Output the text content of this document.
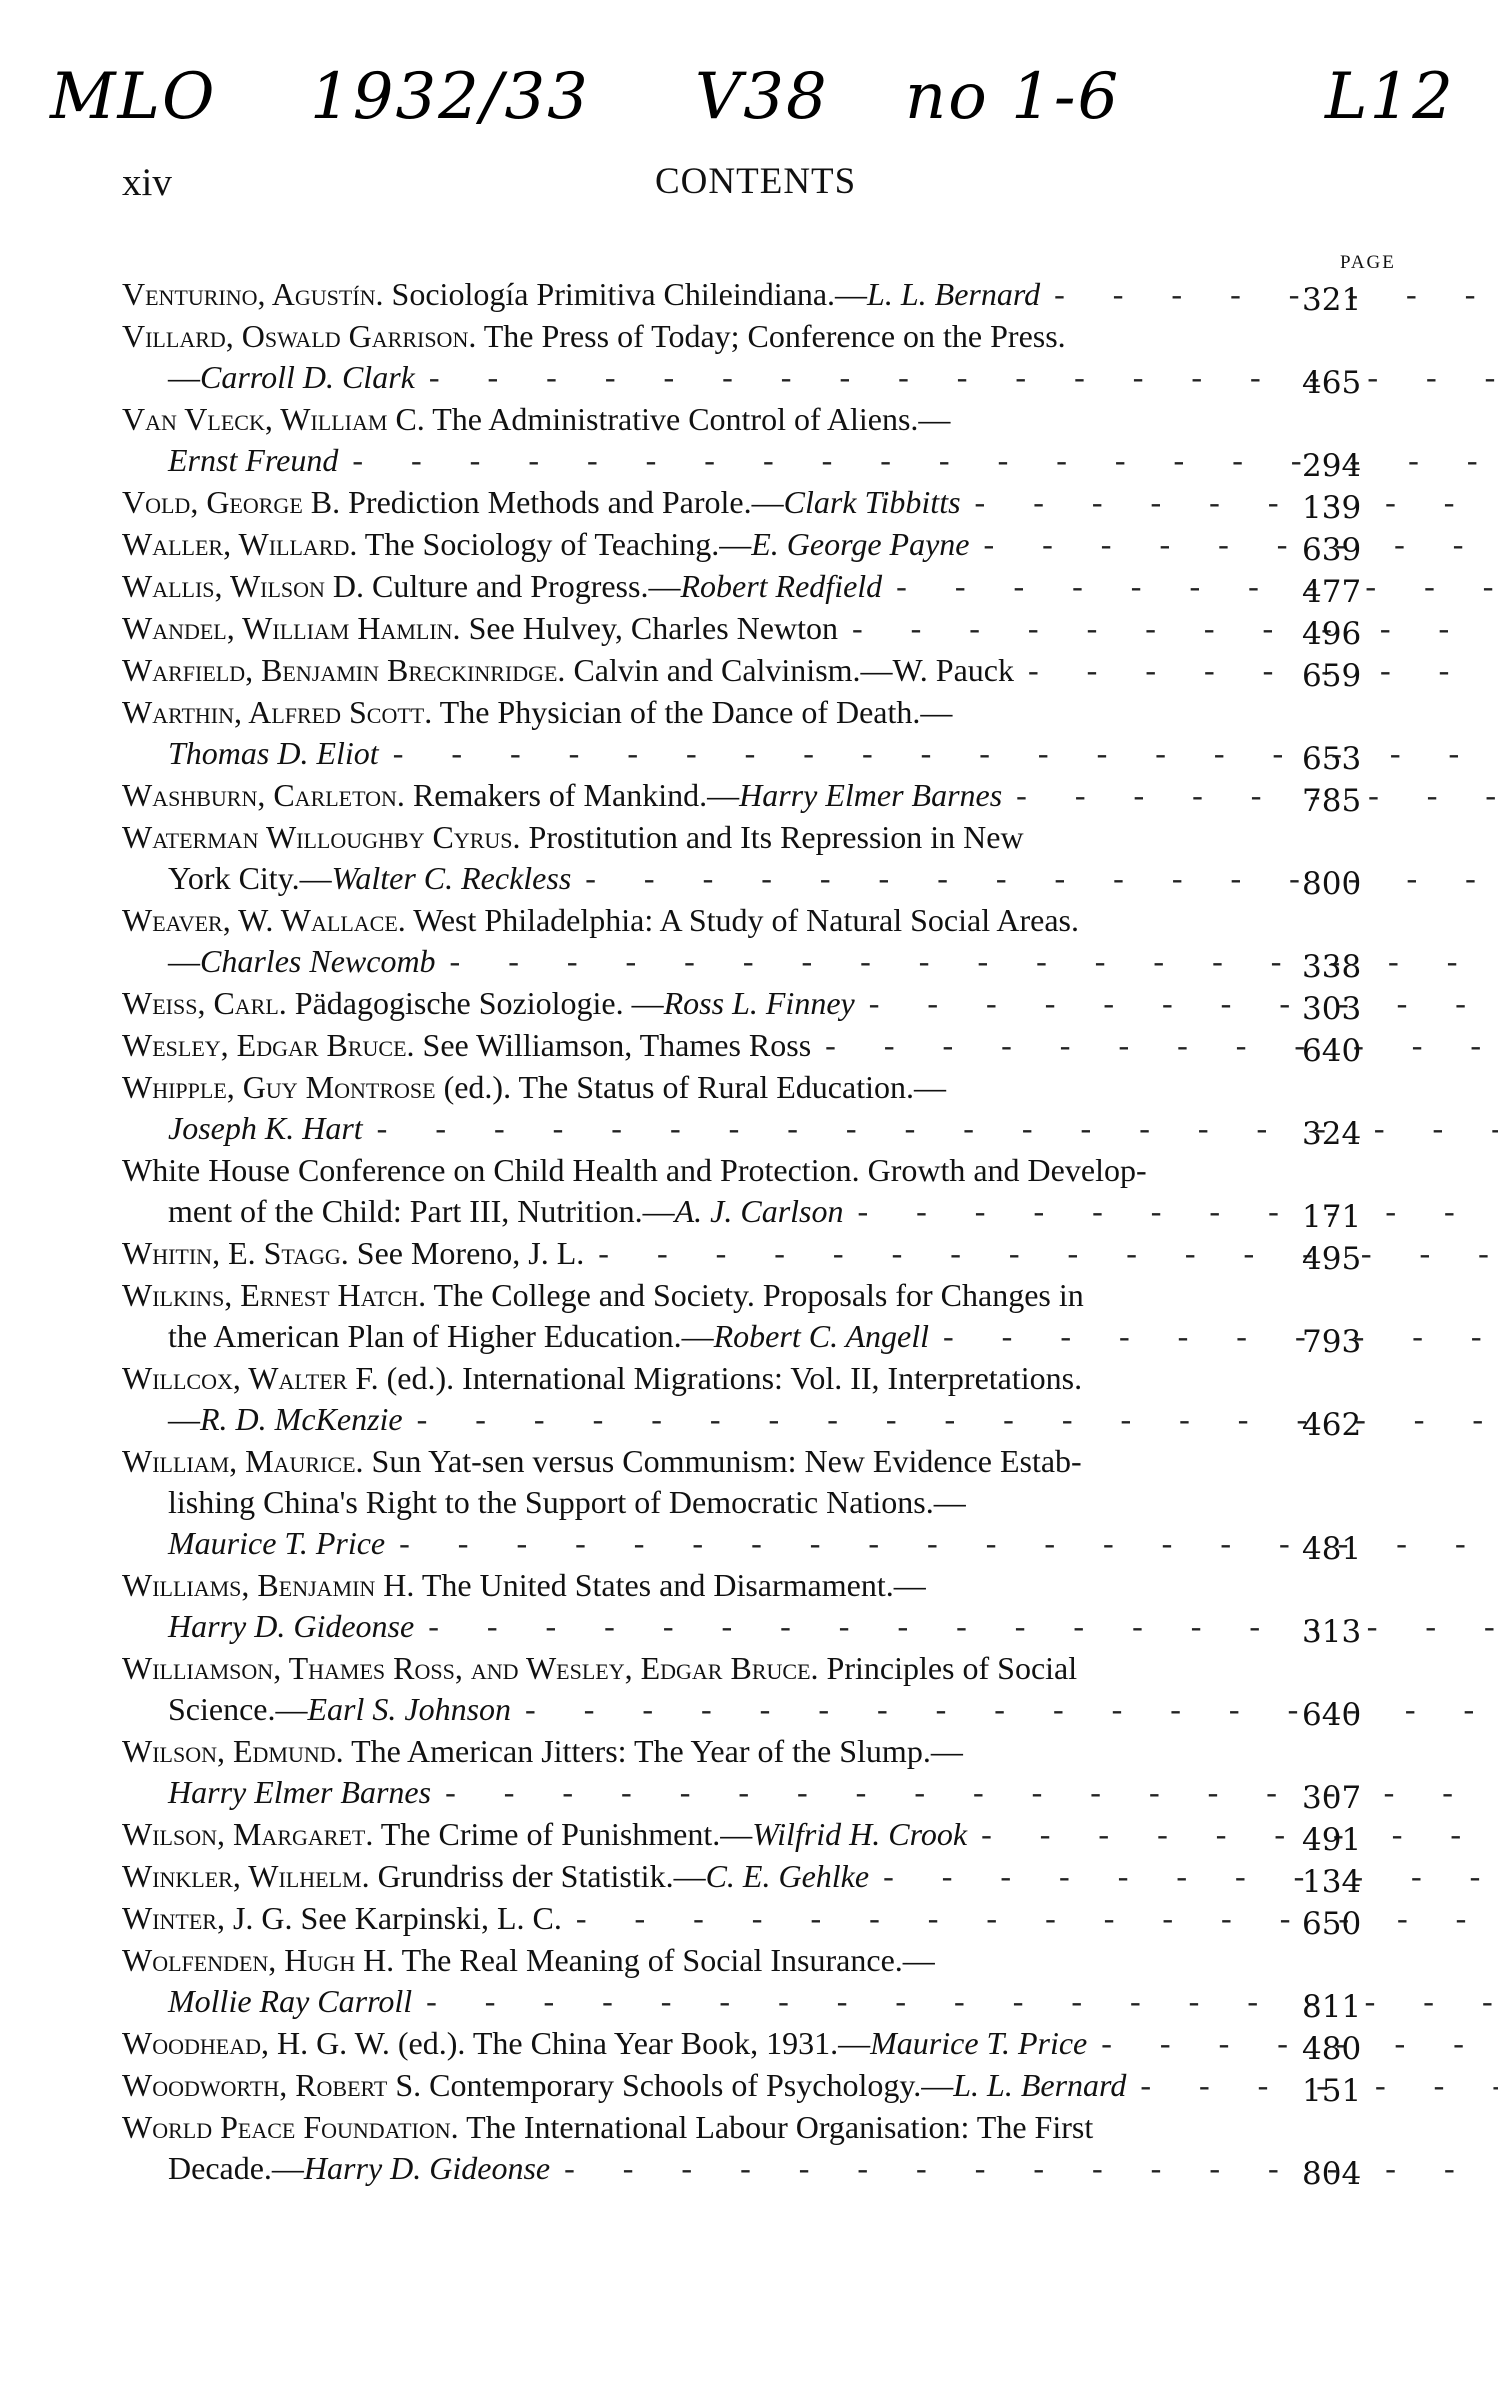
MLO 1932/33 V38 no 1-6	L12
xiv	CONTENTS
PAGE
Venturino, Agustín. Sociología Primitiva Chileindiana.—L. L. Bernard - - -	321
Villard, Oswald Garrison. The Press of Today; Conference on the Press.
—Carroll D. Clark - - -	465
Van Vleck, William C. The Administrative Control of Aliens.—
Ernst Freund - - -	294
Vold, George B. Prediction Methods and Parole.—Clark Tibbitts - - -	139
Waller, Willard. The Sociology of Teaching.—E. George Payne - - -	639
Wallis, Wilson D. Culture and Progress.—Robert Redfield - - -	477
Wandel, William Hamlin. See Hulvey, Charles Newton - - -	496
Warfield, Benjamin Breckinridge. Calvin and Calvinism.—W. Pauck - - -	659
Warthin, Alfred Scott. The Physician of the Dance of Death.—
Thomas D. Eliot - - -	653
Washburn, Carleton. Remakers of Mankind.—Harry Elmer Barnes - - -	785
Waterman Willoughby Cyrus. Prostitution and Its Repression in New
York City.—Walter C. Reckless - - -	800
Weaver, W. Wallace. West Philadelphia: A Study of Natural Social Areas.
—Charles Newcomb - - -	338
Weiss, Carl. Pädagogische Soziologie. —Ross L. Finney - - -	303
Wesley, Edgar Bruce. See Williamson, Thames Ross - - -	640
Whipple, Guy Montrose (ed.). The Status of Rural Education.—
Joseph K. Hart - - -	324
White House Conference on Child Health and Protection. Growth and Develop-
ment of the Child: Part III, Nutrition.—A. J. Carlson - - -	171
Whitin, E. Stagg. See Moreno, J. L. - - -	495
Wilkins, Ernest Hatch. The College and Society. Proposals for Changes in
the American Plan of Higher Education.—Robert C. Angell - - -	793
Willcox, Walter F. (ed.). International Migrations: Vol. II, Interpretations.
—R. D. McKenzie - - -	462
William, Maurice. Sun Yat-sen versus Communism: New Evidence Estab-
lishing China's Right to the Support of Democratic Nations.—
Maurice T. Price - - -	481
Williams, Benjamin H. The United States and Disarmament.—
Harry D. Gideonse - - -	313
Williamson, Thames Ross, and Wesley, Edgar Bruce. Principles of Social
Science.—Earl S. Johnson - - -	640
Wilson, Edmund. The American Jitters: The Year of the Slump.—
Harry Elmer Barnes - - -	307
Wilson, Margaret. The Crime of Punishment.—Wilfrid H. Crook - - -	491
Winkler, Wilhelm. Grundriss der Statistik.—C. E. Gehlke - - -	134
Winter, J. G. See Karpinski, L. C. - - -	650
Wolfenden, Hugh H. The Real Meaning of Social Insurance.—
Mollie Ray Carroll - - -	811
Woodhead, H. G. W. (ed.). The China Year Book, 1931.—Maurice T. Price - - -	480
Woodworth, Robert S. Contemporary Schools of Psychology.—L. L. Bernard - - -	151
World Peace Foundation. The International Labour Organisation: The First
Decade.—Harry D. Gideonse - - -	804
